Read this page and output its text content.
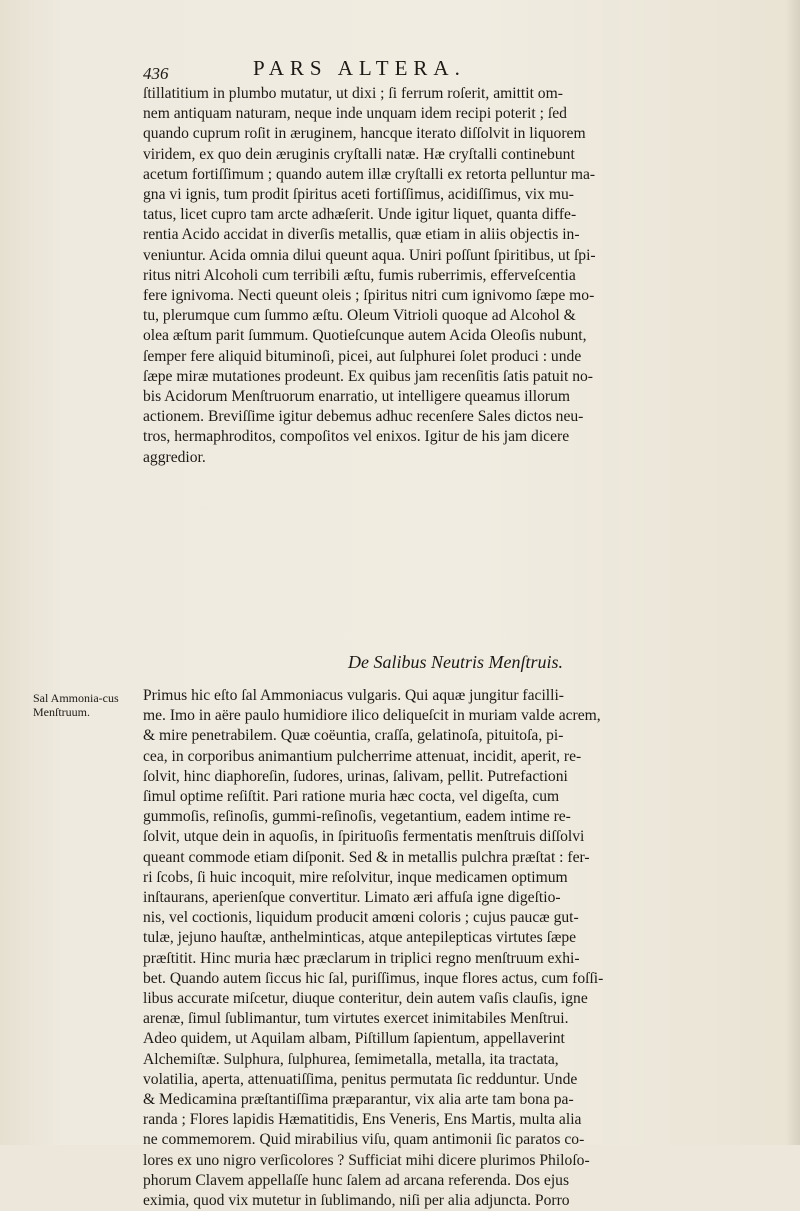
436	PARS ALTERA.
ſtillatitium in plumbo mutatur, ut dixi ; ſi ferrum roſerit, amittit om-
nem antiquam naturam, neque inde unquam idem recipi poterit ; ſed
quando cuprum roſit in æruginem, hancque iterato diſſolvit in liquorem
viridem, ex quo dein æruginis cryſtalli natæ. Hæ cryſtalli continebunt
acetum fortiſſimum ; quando autem illæ cryſtalli ex retorta pelluntur ma-
gna vi ignis, tum prodit ſpiritus aceti fortiſſimus, acidiſſimus, vix mu-
tatus, licet cupro tam arcte adhæſerit. Unde igitur liquet, quanta diffe-
rentia Acido accidat in diverſis metallis, quæ etiam in aliis objectis in-
veniuntur. Acida omnia dilui queunt aqua. Uniri poſſunt ſpiritibus, ut ſpi-
ritus nitri Alcoholi cum terribili æſtu, fumis ruberrimis, efferveſcentia
fere ignivoma. Necti queunt oleis ; ſpiritus nitri cum ignivomo ſæpe mo-
tu, plerumque cum ſummo æſtu. Oleum Vitrioli quoque ad Alcohol &
olea æſtum parit ſummum. Quotieſcunque autem Acida Oleoſis nubunt,
ſemper fere aliquid bituminoſi, picei, aut ſulphurei ſolet produci : unde
ſæpe miræ mutationes prodeunt. Ex quibus jam recenſitis ſatis patuit no-
bis Acidorum Menſtruorum enarratio, ut intelligere queamus illorum
actionem. Breviſſime igitur debemus adhuc recenſere Sales dictos neu-
tros, hermaphroditos, compoſitos vel enixos. Igitur de his jam dicere
aggredior.
De Salibus Neutris Menſtruis.
Sal Ammonia-cus Menſtruum.
Primus hic eſto ſal Ammoniacus vulgaris. Qui aquæ jungitur facilli-
me. Imo in aëre paulo humidiore ilico deliqueſcit in muriam valde acrem,
& mire penetrabilem. Quæ coëuntia, craſſa, gelatinoſa, pituitoſa, pi-
cea, in corporibus animantium pulcherrime attenuat, incidit, aperit, re-
ſolvit, hinc diaphoreſin, ſudores, urinas, ſalivam, pellit. Putrefactioni
ſimul optime reſiſtit. Pari ratione muria hæc cocta, vel digeſta, cum
gummoſis, reſinoſis, gummi-reſinoſis, vegetantium, eadem intime re-
ſolvit, utque dein in aquoſis, in ſpirituoſis fermentatis menſtruis diſſolvi
queant commode etiam diſponit. Sed & in metallis pulchra præſtat : fer-
ri ſcobs, ſi huic incoquit, mire reſolvitur, inque medicamen optimum
inſtaurans, aperienſque convertitur. Limato æri affuſa igne digeſtio-
nis, vel coctionis, liquidum producit amœni coloris ; cujus paucæ gut-
tulæ, jejuno hauſtæ, anthelminticas, atque antepilepticas virtutes ſæpe
præſtitit. Hinc muria hæc præclarum in triplici regno menſtruum exhi-
bet. Quando autem ſiccus hic ſal, puriſſimus, inque flores actus, cum foſſi-
libus accurate miſcetur, diuque conteritur, dein autem vaſis clauſis, igne
arenæ, ſimul ſublimantur, tum virtutes exercet inimitabiles Menſtrui.
Adeo quidem, ut Aquilam albam, Piſtillum ſapientum, appellaverint
Alchemiſtæ. Sulphura, ſulphurea, ſemimetalla, metalla, ita tractata,
volatilia, aperta, attenuatiſſima, penitus permutata ſic redduntur. Unde
& Medicamina præſtantiſſima præparantur, vix alia arte tam bona pa-
randa ; Flores lapidis Hæmatitidis, Ens Veneris, Ens Martis, multa alia
ne commemorem. Quid mirabilius viſu, quam antimonii ſic paratos co-
lores ex uno nigro verſicolores ? Sufficiat mihi dicere plurimos Philoſo-
phorum Clavem appellaſſe hunc ſalem ad arcana referenda. Dos ejus
eximia, quod vix mutetur in ſublimando, niſi per alia adjuncta. Porro
